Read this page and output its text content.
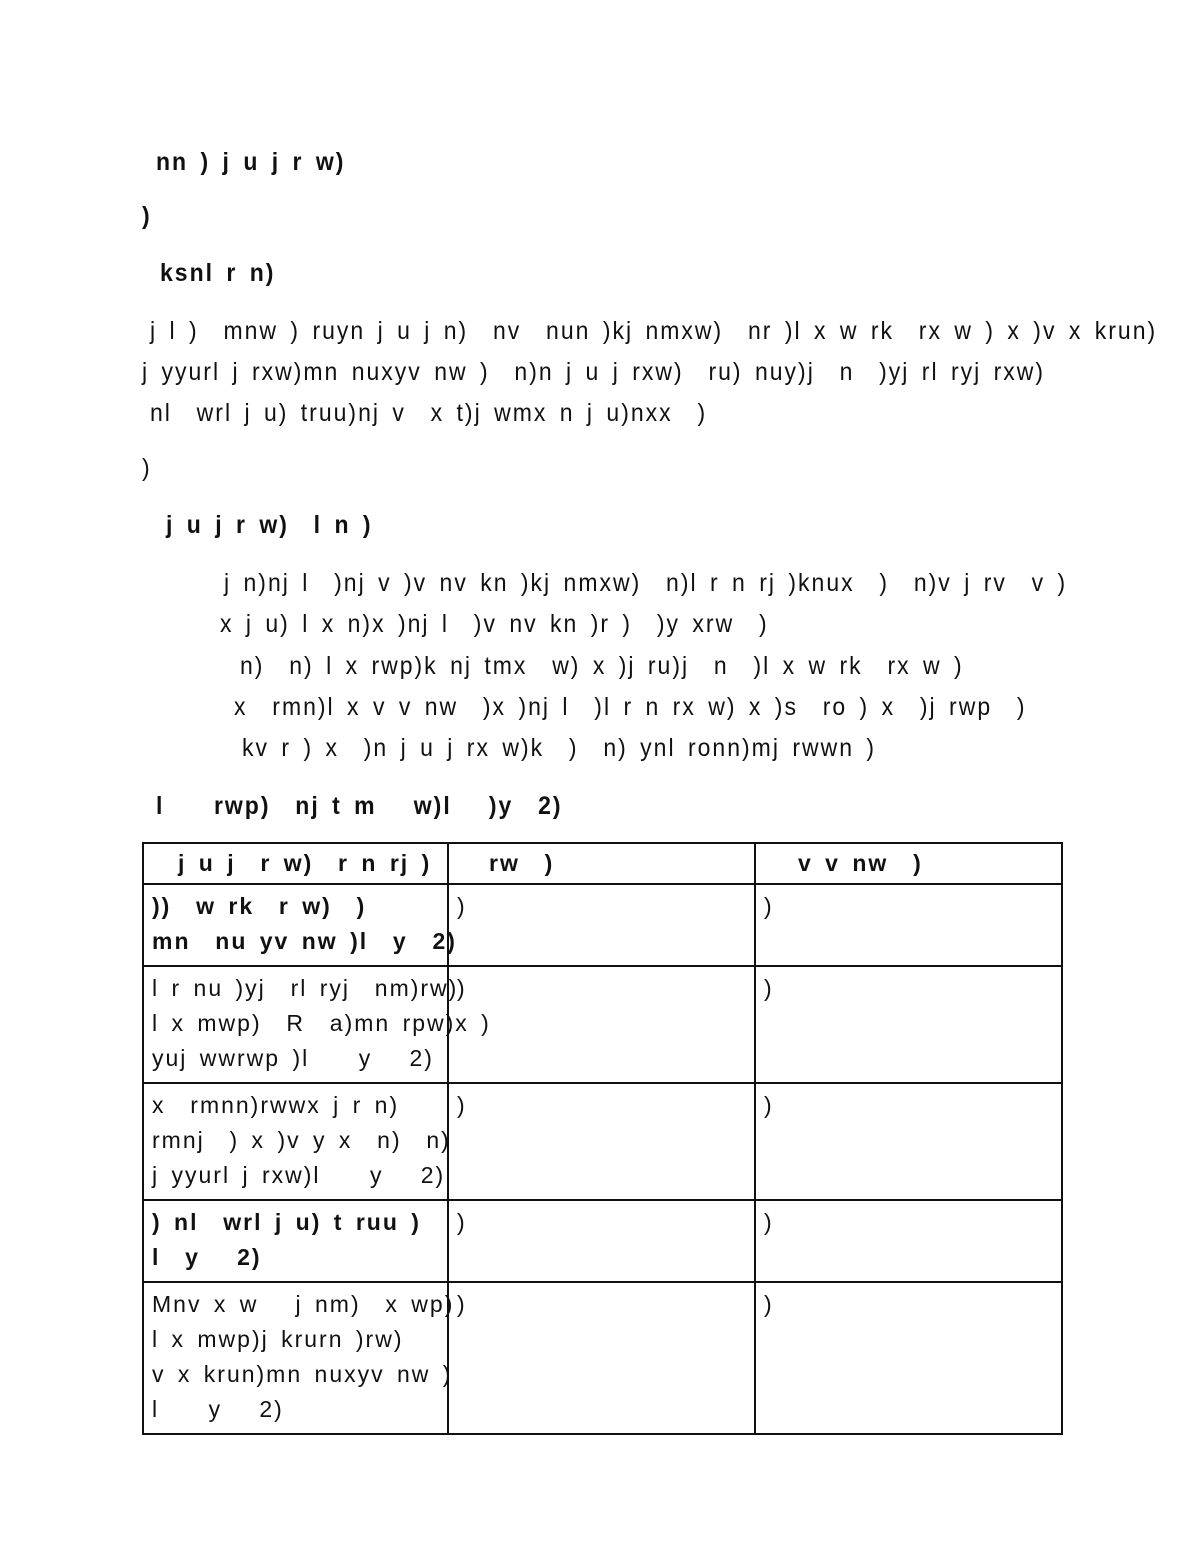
nn ) j u j r w)
)
ksnl r n)
j l )  mnw ) ruyn j u j n)  nv  nun )kj nmxw)  nr )l x w rk  rx w ) x )v x krun)
j yyurl j rxw)mn nuxyv nw )  n)n j u j rxw)  ru) nuy)j  n  )yj rl ryj rxw)
nl  wrl j u) truu)nj v  x t)j wmx n j u)nxx  )
)
j u j r w)  l n )
j n)nj l  )nj v )v nv kn )kj nmxw)  n)l r n rj )knux  )  n)v j rv  v )
x j u) l x n)x )nj l  )v nv kn )r )  )y xrw  )
n)  n) l x rwp)k nj tmx  w) x )j ru)j  n  )l x w rk  rx w )
x  rmn)l x v v nw  )x )nj l  )l r n rx w) x )s  ro ) x  )j rwp  )
kv r ) x  )n j u j rx w)k  )  n) ynl ronn)mj rwwn )
l    rwp)  nj t m   w)l   )y  2)
j u j  r w)  r n rj )	rw  )	v v nw  )
))  w rk  r w)  )
mn  nu yv nw )l  y  2)	)	)
l r nu )yj  rl ryj  nm)rw)
l x mwp)  R  a)mn rpw)x )
yuj wwrwp )l    y   2)	)	)
x  rmnn)rwwx j r n)
rmnj  ) x )v y x  n)  n)
j yyurl j rxw)l    y   2)	)	)
) nl  wrl j u) t ruu )
l  y   2)	)	)
Mnv x w   j nm)  x wp)
l x mwp)j krurn )rw)
v x krun)mn nuxyv nw )
l    y   2)	)	)
